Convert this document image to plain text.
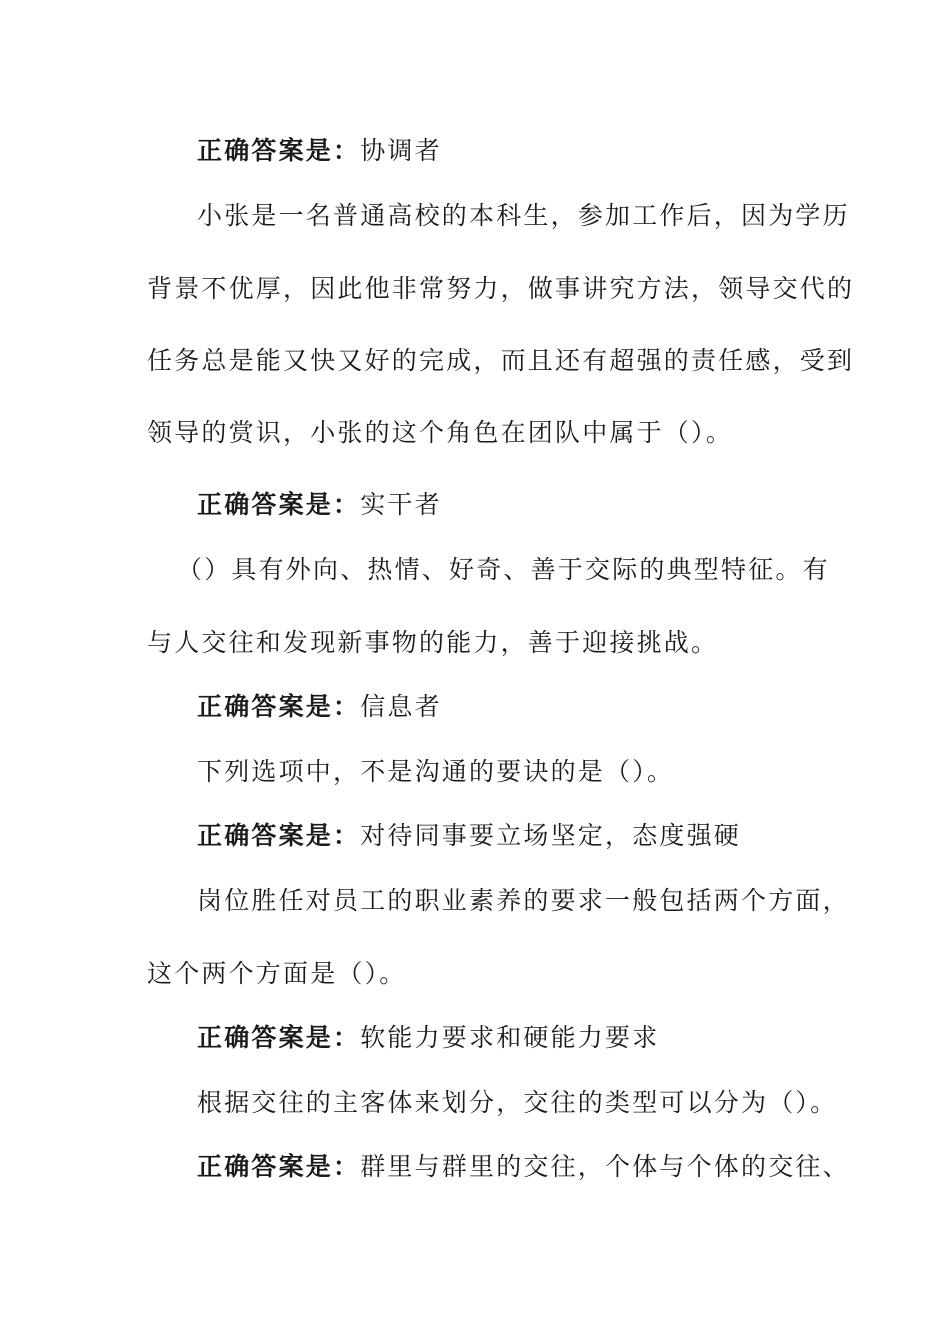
正确答案是：协调者
小张是一名普通高校的本科生，参加工作后，因为学历
背景不优厚，因此他非常努力，做事讲究方法，领导交代的
任务总是能又快又好的完成，而且还有超强的责任感，受到
领导的赏识，小张的这个角色在团队中属于（）。
正确答案是：实干者
（）具有外向、热情、好奇、善于交际的典型特征。有
与人交往和发现新事物的能力，善于迎接挑战。
正确答案是：信息者
下列选项中，不是沟通的要诀的是（）。
正确答案是：对待同事要立场坚定，态度强硬
岗位胜任对员工的职业素养的要求一般包括两个方面，
这个两个方面是（）。
正确答案是：软能力要求和硬能力要求
根据交往的主客体来划分，交往的类型可以分为（）。
正确答案是：群里与群里的交往，个体与个体的交往、
